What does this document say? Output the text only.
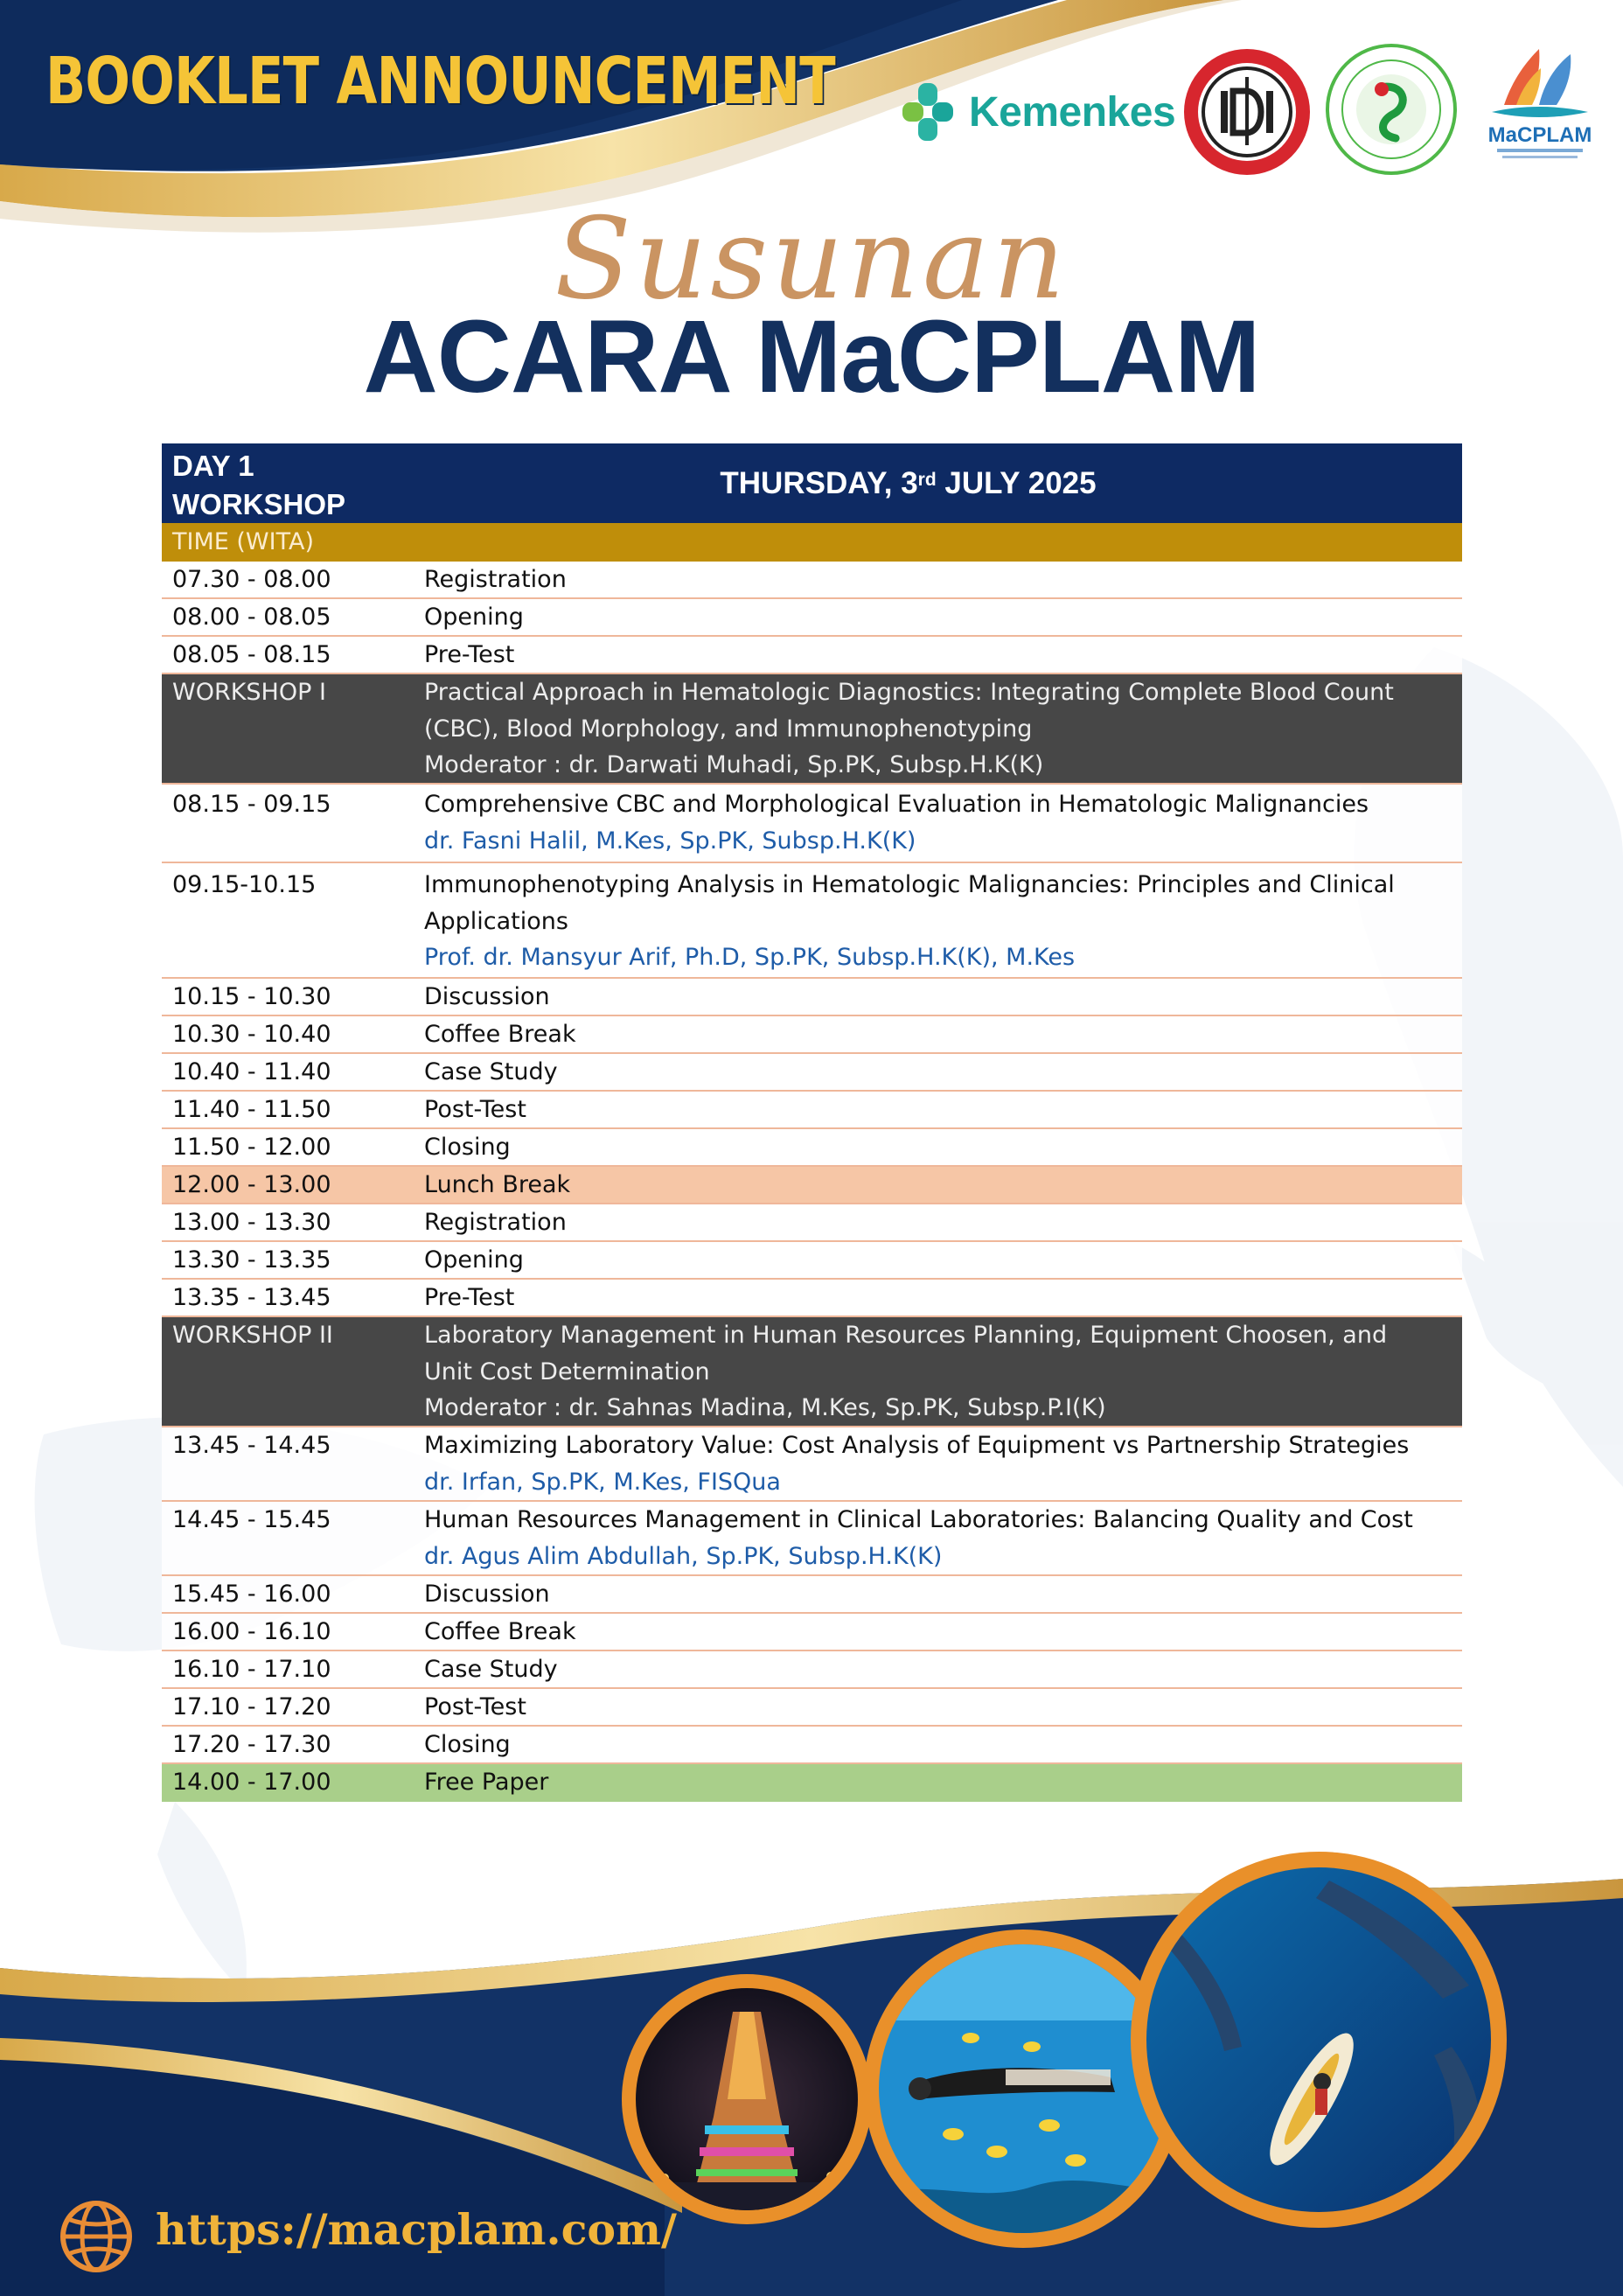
BOOKLET ANNOUNCEMENT	Kemenkes	MaCPLAM
Susunan
ACARA MaCPLAM
DAY 1
WORKSHOP
THURSDAY, 3rd JULY 2025
TIME (WITA)
07.30 - 08.00	Registration
08.00 - 08.05	Opening
08.05 - 08.15	Pre-Test
WORKSHOP I	Practical Approach in Hematologic Diagnostics: Integrating Complete Blood Count
(CBC), Blood Morphology, and Immunophenotyping
Moderator : dr. Darwati Muhadi, Sp.PK, Subsp.H.K(K)
08.15 - 09.15	Comprehensive CBC and Morphological Evaluation in Hematologic Malignancies
dr. Fasni Halil, M.Kes, Sp.PK, Subsp.H.K(K)
09.15-10.15	Immunophenotyping Analysis in Hematologic Malignancies: Principles and Clinical
Applications
Prof. dr. Mansyur Arif, Ph.D, Sp.PK, Subsp.H.K(K), M.Kes
10.15 - 10.30	Discussion
10.30 - 10.40	Coffee Break
10.40 - 11.40	Case Study
11.40 - 11.50	Post-Test
11.50 - 12.00	Closing
12.00 - 13.00	Lunch Break
13.00 - 13.30	Registration
13.30 - 13.35	Opening
13.35 - 13.45	Pre-Test
WORKSHOP II	Laboratory Management in Human Resources Planning, Equipment Choosen, and
Unit Cost Determination
Moderator : dr. Sahnas Madina, M.Kes, Sp.PK, Subsp.P.I(K)
13.45 - 14.45	Maximizing Laboratory Value: Cost Analysis of Equipment vs Partnership Strategies
dr. Irfan, Sp.PK, M.Kes, FISQua
14.45 - 15.45	Human Resources Management in Clinical Laboratories: Balancing Quality and Cost
dr. Agus Alim Abdullah, Sp.PK, Subsp.H.K(K)
15.45 - 16.00	Discussion
16.00 - 16.10	Coffee Break
16.10 - 17.10	Case Study
17.10 - 17.20	Post-Test
17.20 - 17.30	Closing
14.00 - 17.00	Free Paper
https://macplam.com/
